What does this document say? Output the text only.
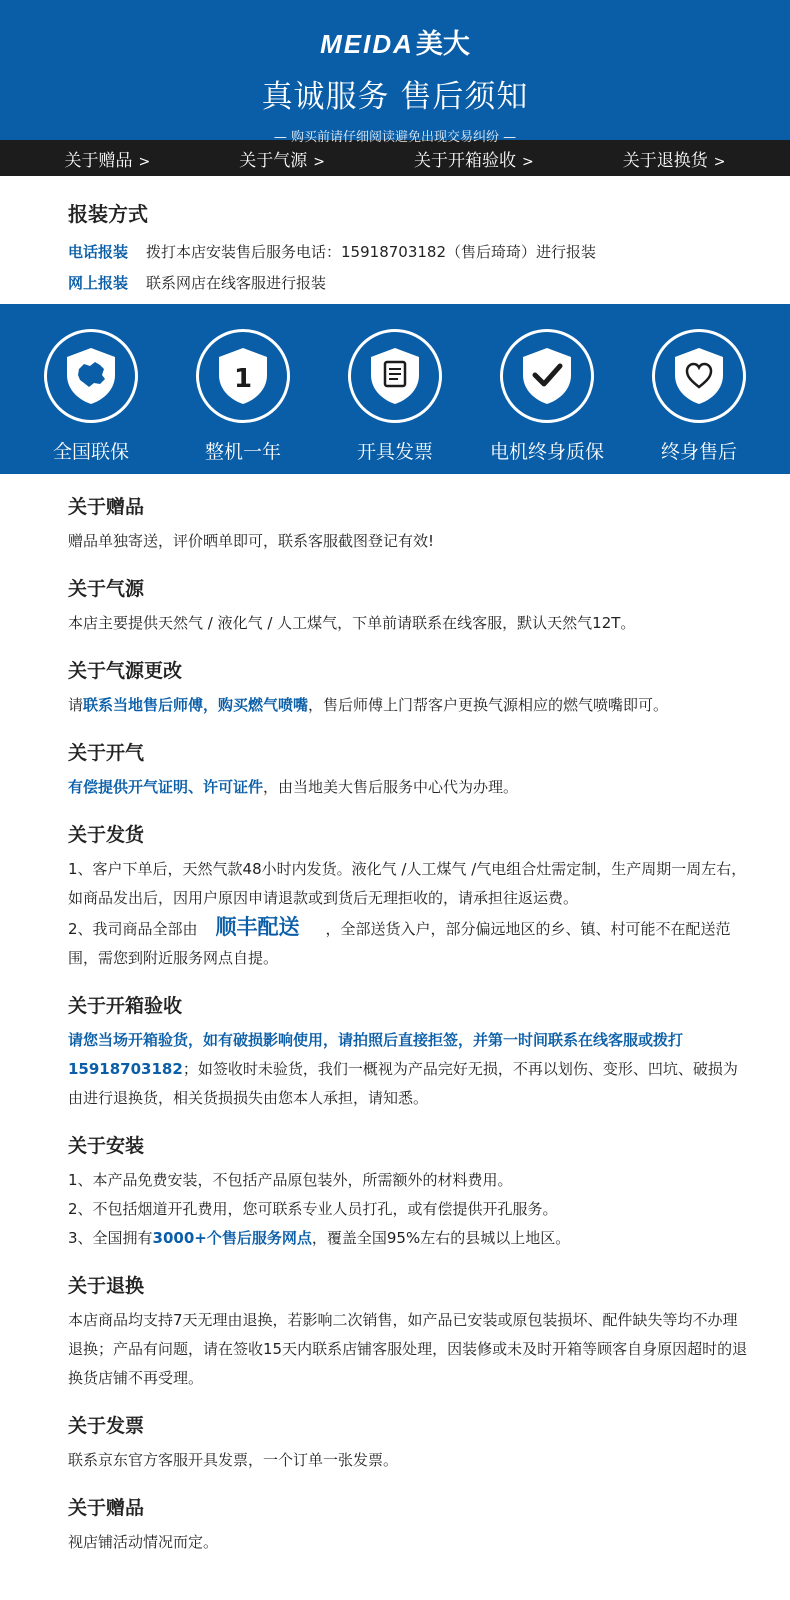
MEIDA美大
真诚服务 售后须知
— 购买前请仔细阅读避免出现交易纠纷 —
关于赠品 >	关于气源 >	关于开箱验收 >	关于退换货 >
报装方式
电话报装 拨打本店安装售后服务电话：15918703182（售后琦琦）进行报装
网上报装 联系网店在线客服进行报装
全国联保
1
整机一年	开具发票	电机终身质保	终身售后
关于赠品

赠品单独寄送，评价晒单即可，联系客服截图登记有效!

关于气源

本店主要提供天然气 / 液化气 / 人工煤气，下单前请联系在线客服，默认天然气12T。

关于气源更改

请联系当地售后师傅，购买燃气喷嘴，售后师傅上门帮客户更换气源相应的燃气喷嘴即可。

关于开气

有偿提供开气证明、许可证件，由当地美大售后服务中心代为办理。

关于发货

1、客户下单后，天然气款48小时内发货。液化气 /人工煤气 /气电组合灶需定制，生产周期一周左右，如商品发出后，因用户原因申请退款或到货后无理拒收的，请承担往返运费。

2、我司商品全部由 顺丰配送 ，全部送货入户，部分偏远地区的乡、镇、村可能不在配送范围，需您到附近服务网点自提。

关于开箱验收

请您当场开箱验货，如有破损影响使用，请拍照后直接拒签，并第一时间联系在线客服或拨打15918703182；如签收时未验货，我们一概视为产品完好无损，不再以划伤、变形、凹坑、破损为由进行退换货，相关货损损失由您本人承担，请知悉。

关于安装

1、本产品免费安装，不包括产品原包装外，所需额外的材料费用。

2、不包括烟道开孔费用，您可联系专业人员打孔，或有偿提供开孔服务。

3、全国拥有3000+个售后服务网点，覆盖全国95%左右的县城以上地区。

关于退换

本店商品均支持7天无理由退换，若影响二次销售，如产品已安装或原包装损坏、配件缺失等均不办理退换；产品有问题，请在签收15天内联系店铺客服处理，因装修或未及时开箱等顾客自身原因超时的退换货店铺不再受理。

关于发票

联系京东官方客服开具发票，一个订单一张发票。

关于赠品

视店铺活动情况而定。
